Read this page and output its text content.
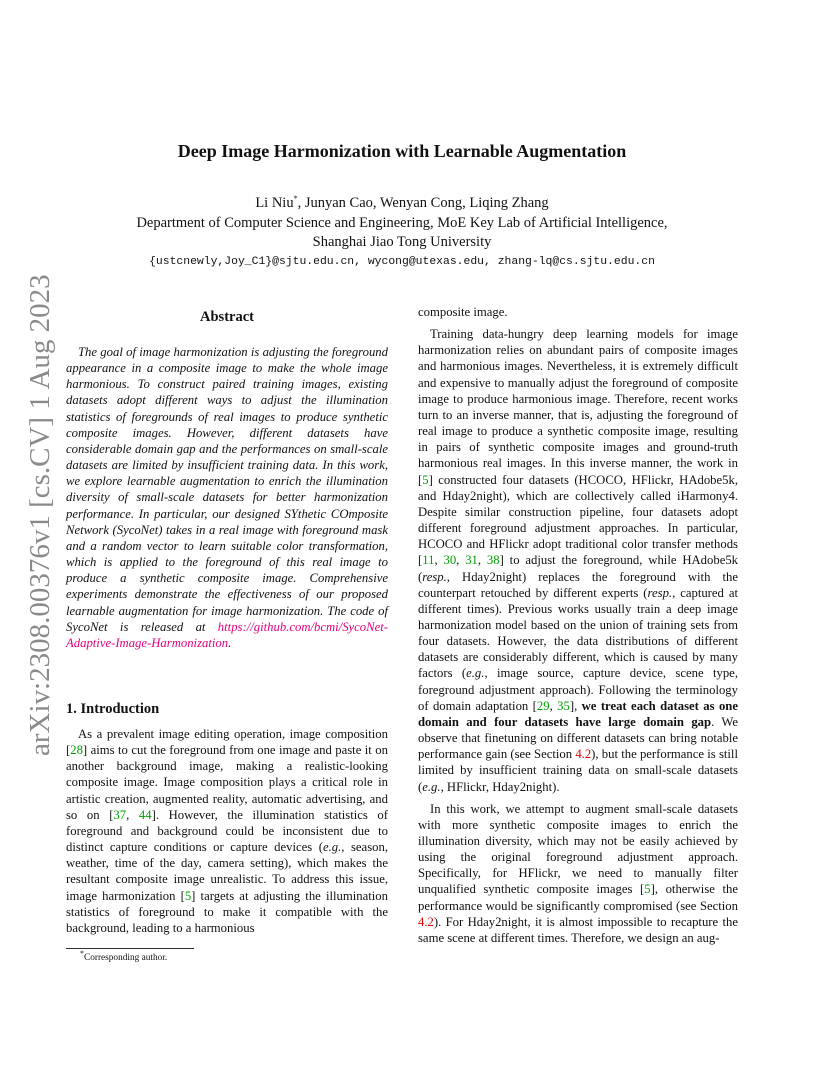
arXiv:2308.00376v1 [cs.CV] 1 Aug 2023
Deep Image Harmonization with Learnable Augmentation
Li Niu*, Junyan Cao, Wenyan Cong, Liqing Zhang
Department of Computer Science and Engineering, MoE Key Lab of Artificial Intelligence,
Shanghai Jiao Tong University
{ustcnewly,Joy_C1}@sjtu.edu.cn, wycong@utexas.edu, zhang-lq@cs.sjtu.edu.cn
Abstract

The goal of image harmonization is adjusting the foreground appearance in a composite image to make the whole image harmonious. To construct paired training images, existing datasets adopt different ways to adjust the illumination statistics of foregrounds of real images to produce synthetic composite images. However, different datasets have considerable domain gap and the performances on small-scale datasets are limited by insufficient training data. In this work, we explore learnable augmentation to enrich the illumination diversity of small-scale datasets for better harmonization performance. In particular, our designed SYthetic COmposite Network (SycoNet) takes in a real image with foreground mask and a random vector to learn suitable color transformation, which is applied to the foreground of this real image to produce a synthetic composite image. Comprehensive experiments demonstrate the effectiveness of our proposed learnable augmentation for image harmonization. The code of SycoNet is released at https://github.com/bcmi/SycoNet-Adaptive-Image-Harmonization.

1. Introduction

As a prevalent image editing operation, image composition [28] aims to cut the foreground from one image and paste it on another background image, making a realistic-looking composite image. Image composition plays a critical role in artistic creation, augmented reality, automatic advertising, and so on [37, 44]. However, the illumination statistics of foreground and background could be inconsistent due to distinct capture conditions or capture devices (e.g., season, weather, time of the day, camera setting), which makes the resultant composite image unrealistic. To address this issue, image harmonization [5] targets at adjusting the illumination statistics of foreground to make it compatible with the background, leading to a harmonious

composite image.

Training data-hungry deep learning models for image harmonization relies on abundant pairs of composite images and harmonious images. Nevertheless, it is extremely difficult and expensive to manually adjust the foreground of composite image to produce harmonious image. Therefore, recent works turn to an inverse manner, that is, adjusting the foreground of real image to produce a synthetic composite image, resulting in pairs of synthetic composite images and ground-truth harmonious real images. In this inverse manner, the work in [5] constructed four datasets (HCOCO, HFlickr, HAdobe5k, and Hday2night), which are collectively called iHarmony4. Despite similar construction pipeline, four datasets adopt different foreground adjustment approaches. In particular, HCOCO and HFlickr adopt traditional color transfer methods [11, 30, 31, 38] to adjust the foreground, while HAdobe5k (resp., Hday2night) replaces the foreground with the counterpart retouched by different experts (resp., captured at different times). Previous works usually train a deep image harmonization model based on the union of training sets from four datasets. However, the data distributions of different datasets are considerably different, which is caused by many factors (e.g., image source, capture device, scene type, foreground adjustment approach). Following the terminology of domain adaptation [29, 35], we treat each dataset as one domain and four datasets have large domain gap. We observe that finetuning on different datasets can bring notable performance gain (see Section 4.2), but the performance is still limited by insufficient training data on small-scale datasets (e.g., HFlickr, Hday2night).

In this work, we attempt to augment small-scale datasets with more synthetic composite images to enrich the illumination diversity, which may not be easily achieved by using the original foreground adjustment approach. Specifically, for HFlickr, we need to manually filter unqualified synthetic composite images [5], otherwise the performance would be significantly compromised (see Section 4.2). For Hday2night, it is almost impossible to recapture the same scene at different times. Therefore, we design an aug-

*Corresponding author.
